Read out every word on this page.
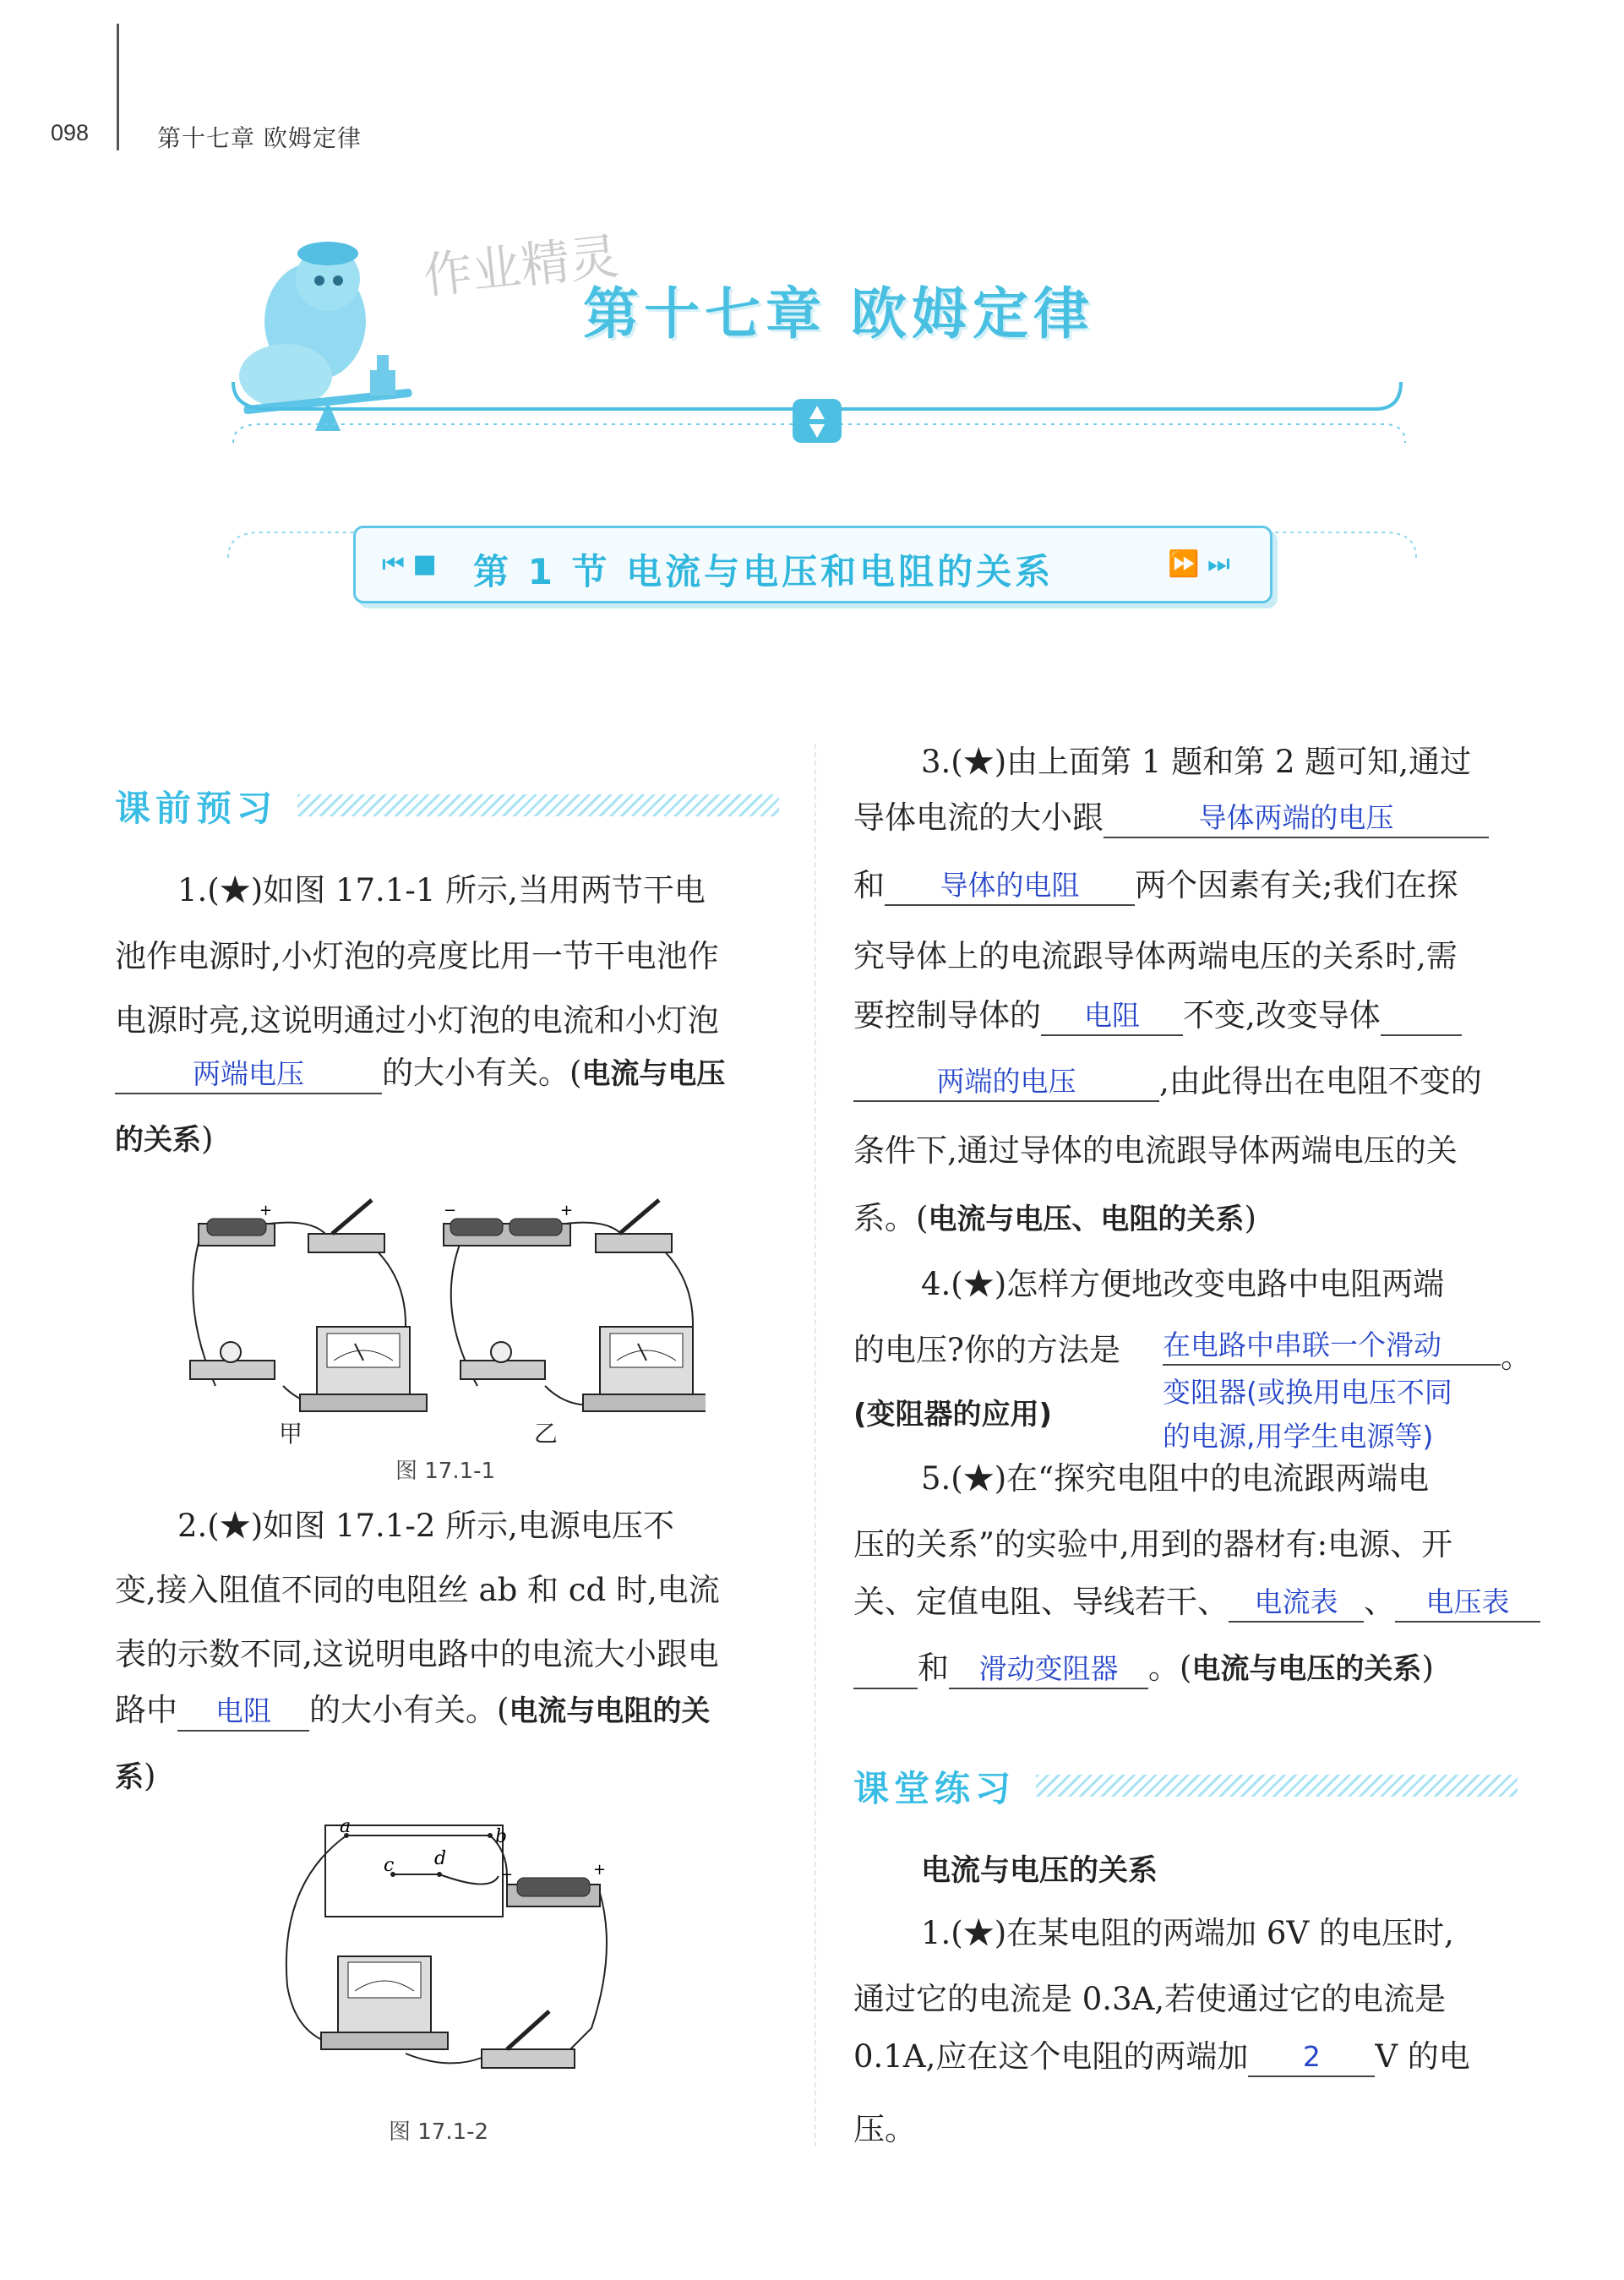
098	第十七章 欧姆定律
作业精灵
第十七章 欧姆定律
⏮ ■ 第 1 节 电流与电压和电阻的关系	⏩ ⏭
课前预习
1.(★)如图 17.1-1 所示,当用两节干电
池作电源时,小灯泡的亮度比用一节干电池作
电源时亮,这说明通过小灯泡的电流和小灯泡
两端电压 的大小有关。(电流与电压
的关系)
+	−	+
甲	乙
图 17.1-1
2.(★)如图 17.1-2 所示,电源电压不
变,接入阻值不同的电阻丝 ab 和 cd 时,电流
表的示数不同,这说明电路中的电流大小跟电
路中 电阻 的大小有关。(电流与电阻的关
系)
a	b
c d
−	+
图 17.1-2
3.(★)由上面第 1 题和第 2 题可知,通过
导体电流的大小跟	导体两端的电压
和 导体的电阻 两个因素有关;我们在探
究导体上的电流跟导体两端电压的关系时,需
要控制导体的 电阻 不变,改变导体
两端的电压	,由此得出在电阻不变的
条件下,通过导体的电流跟导体两端电压的关
系。(电流与电压、电阻的关系)
4.(★)怎样方便地改变电路中电阻两端
的电压?你的方法是 在电路中串联一个滑动 。
变阻器(或换用电压不同
(变阻器的应用)
的电源,用学生电源等)
5.(★)在“探究电阻中的电流跟两端电
压的关系”的实验中,用到的器材有:电源、开
关、定值电阻、导线若干、 电流表 、 电压表
和 滑动变阻器 。(电流与电压的关系)
课堂练习
电流与电压的关系
1.(★)在某电阻的两端加 6V 的电压时,
通过它的电流是 0.3A,若使通过它的电流是
0.1A,应在这个电阻的两端加 2 V 的电
压。
